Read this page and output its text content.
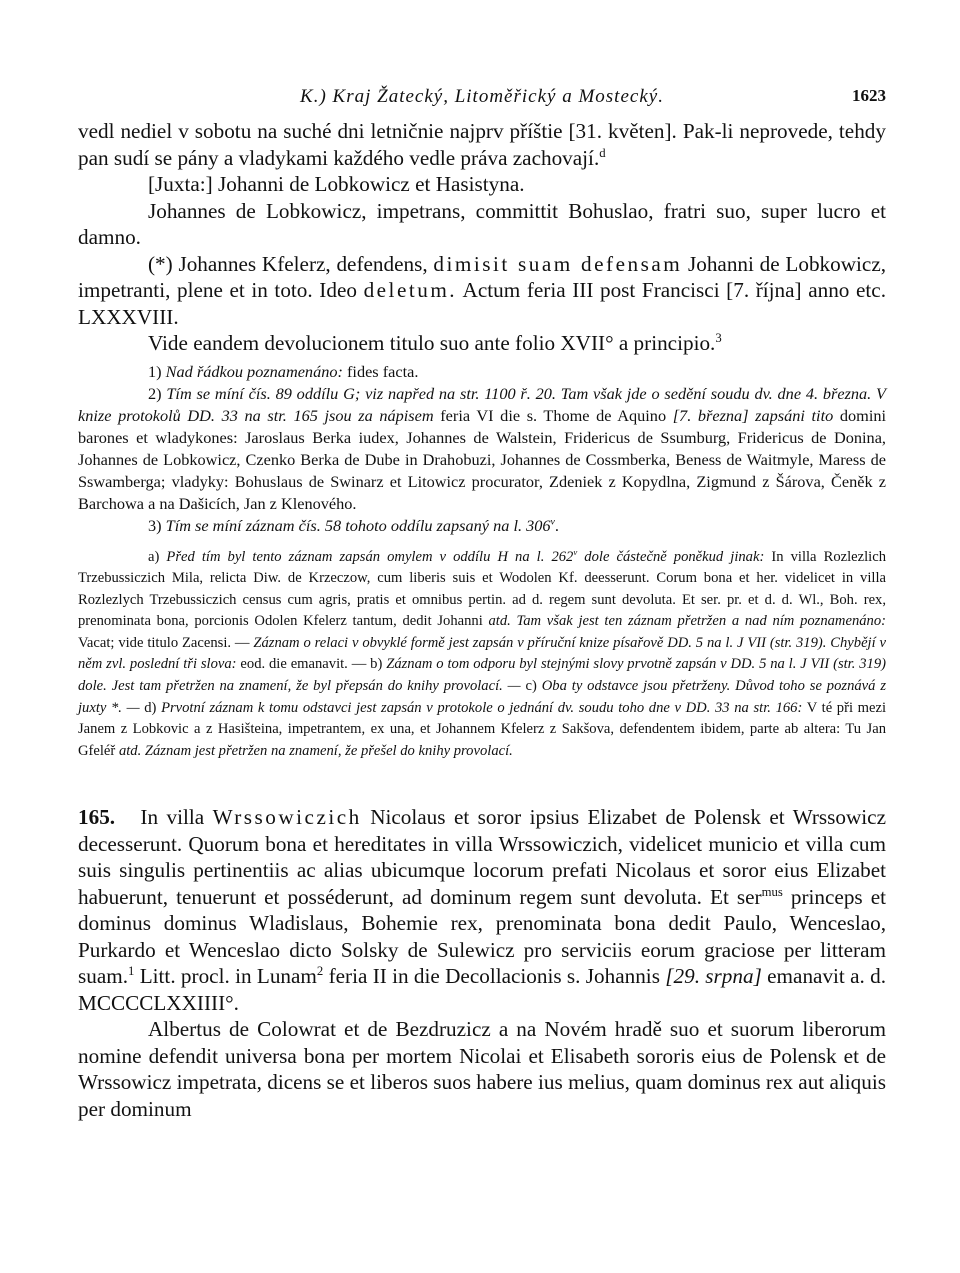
K.) Kraj Žatecký, Litoměřický a Mostecký.	1623

vedl nediel v sobotu na suché dni letničnie najprv příštie [31. květen]. Pak-li neprovede, tehdy pan sudí se pány a vladykami každého vedle práva zachovají.$^d$

[Juxta:] Johanni de Lobkowicz et Hasistyna.

Johannes de Lobkowicz, impetrans, committit Bohuslao, fratri suo, super lucro et damno.

(*) Johannes Kfelerz, defendens, dimisit suam defensam Johanni de Lobkowicz, impetranti, plene et in toto. Ideo deletum. Actum feria III post Francisci [7. října] anno etc. LXXXVIII.

Vide eandem devolucionem titulo suo ante folio XVII° a principio.$^3$

1) Nad řádkou poznamenáno: fides facta.

2) Tím se míní čís. 89 oddílu G; viz napřed na str. 1100 ř. 20. Tam však jde o sedění soudu dv. dne 4. března. V knize protokolů DD. 33 na str. 165 jsou za nápisem feria VI die s. Thome de Aquino [7. března] zapsáni tito domini barones et wladykones: Jaroslaus Berka iudex, Johannes de Walstein, Fridericus de Ssumburg, Fridericus de Donina, Johannes de Lobkowicz, Czenko Berka de Dube in Drahobuzi, Johannes de Cossmberka, Beness de Waitmyle, Maress de Sswamberga; vladyky: Bohuslaus de Swinarz et Litowicz procurator, Zdeniek z Kopydlna, Zigmund z Šárova, Čeněk z Barchowa a na Dašicích, Jan z Klenového.

3) Tím se míní záznam čís. 58 tohoto oddílu zapsaný na l. 306$^v$.

a) Před tím byl tento záznam zapsán omylem v oddílu H na l. 262$^v$ dole částečně poněkud jinak: In villa Rozlezlich Trzebussiczich Mila, relicta Diw. de Krzeczow, cum liberis suis et Wodolen Kf. deesserunt. Corum bona et her. videlicet in villa Rozlezlych Trzebussiczich census cum agris, pratis et omnibus pertin. ad d. regem sunt devoluta. Et ser. pr. et d. d. Wl., Boh. rex, prenominata bona, porcionis Odolen Kfelerz tantum, dedit Johanni atd. Tam však jest ten záznam přetržen a nad ním poznamenáno: Vacat; vide titulo Zacensi. — Záznam o relaci v obvyklé formě jest zapsán v příruční knize písařově DD. 5 na l. J VII (str. 319). Chybějí v něm zvl. poslední tři slova: eod. die emanavit. — b) Záznam o tom odporu byl stejnými slovy prvotně zapsán v DD. 5 na l. J VII (str. 319) dole. Jest tam přetržen na znamení, že byl přepsán do knihy provolací. — c) Oba ty odstavce jsou přetrženy. Důvod toho se poznává z juxty *. — d) Prvotní záznam k tomu odstavci jest zapsán v protokole o jednání dv. soudu toho dne v DD. 33 na str. 166: V té při mezi Janem z Lobkovic a z Hasišteina, impetrantem, ex una, et Johannem Kfelerz z Sakšova, defendentem ibidem, parte ab altera: Tu Jan Gfeléř atd. Záznam jest přetržen na znamení, že přešel do knihy provolací.

165. In villa Wrssowiczich Nicolaus et soror ipsius Elizabet de Polensk et Wrssowicz decesserunt. Quorum bona et hereditates in villa Wrssowiczich, videlicet municio et villa cum suis singulis pertinentiis ac alias ubicumque locorum prefati Nicolaus et soror eius Elizabet habuerunt, tenuerunt et posséderunt, ad dominum regem sunt devoluta. Et ser$^{mus}$ princeps et dominus dominus Wladislaus, Bohemie rex, prenominata bona dedit Paulo, Wenceslao, Purkardo et Wenceslao dicto Solsky de Sulewicz pro serviciis eorum graciose per litteram suam.$^1$ Litt. procl. in Lunam$^2$ feria II in die Decollacionis s. Johannis [29. srpna] emanavit a. d. MCCCCLXXIIII°.

Albertus de Colowrat et de Bezdruzicz a na Novém hradě suo et suorum liberorum nomine defendit universa bona per mortem Nicolai et Elisabeth sororis eius de Polensk et de Wrssowicz impetrata, dicens se et liberos suos habere ius melius, quam dominus rex aut aliquis per dominum
